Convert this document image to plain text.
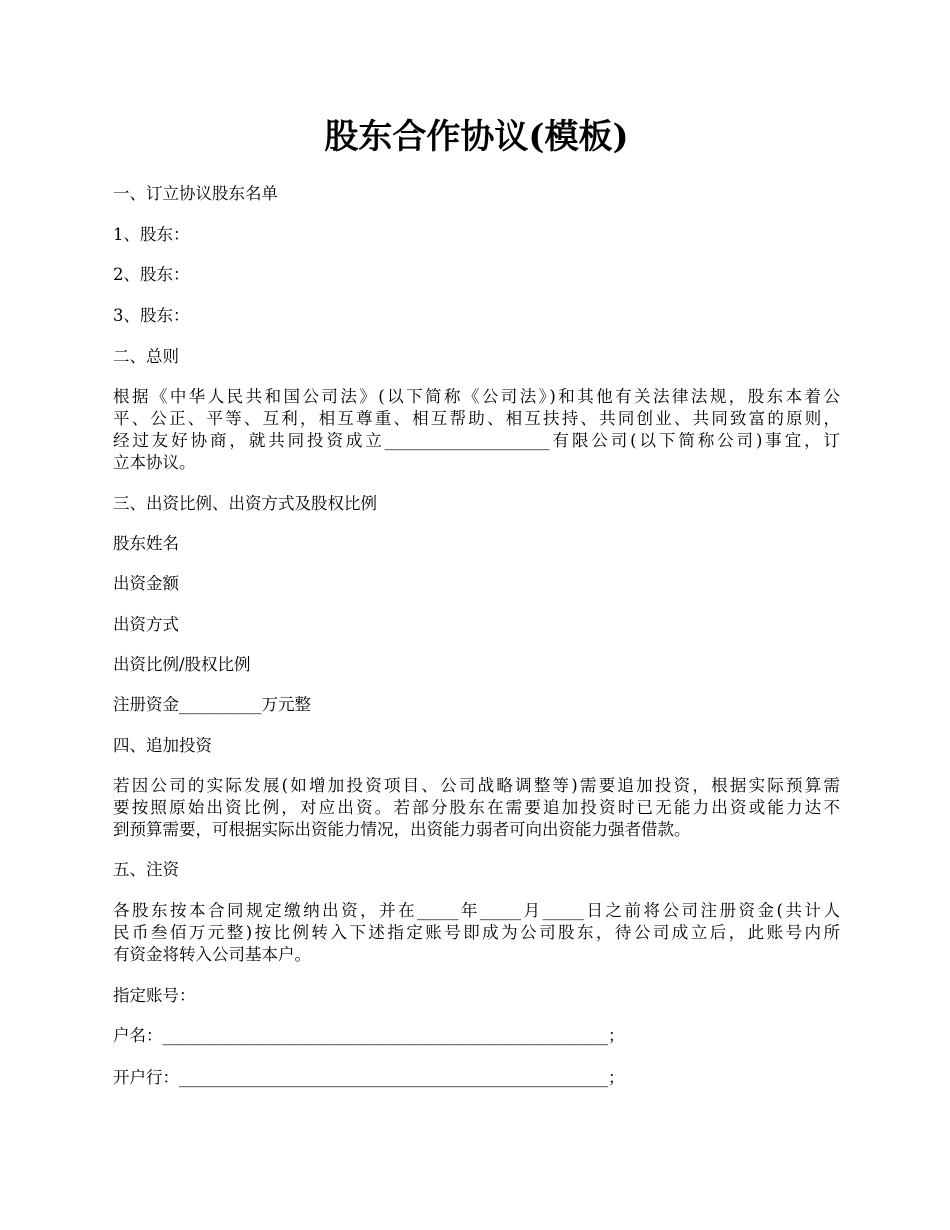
股东合作协议(模板)
一、订立协议股东名单
1、股东：
2、股东：
3、股东：
二、总则
根据《中华人民共和国公司法》(以下简称《公司法》)和其他有关法律法规，股东本着公
平、公正、平等、互利，相互尊重、相互帮助、相互扶持、共同创业、共同致富的原则，
经过友好协商，就共同投资成立____________________有限公司(以下简称公司)事宜，订
立本协议。
三、出资比例、出资方式及股权比例
股东姓名
出资金额
出资方式
出资比例/股权比例
注册资金__________万元整
四、追加投资
若因公司的实际发展(如增加投资项目、公司战略调整等)需要追加投资，根据实际预算需
要按照原始出资比例，对应出资。若部分股东在需要追加投资时已无能力出资或能力达不
到预算需要，可根据实际出资能力情况，出资能力弱者可向出资能力强者借款。
五、注资
各股东按本合同规定缴纳出资，并在_____年_____月_____日之前将公司注册资金(共计人
民币叁佰万元整)按比例转入下述指定账号即成为公司股东，待公司成立后，此账号内所
有资金将转入公司基本户。
指定账号：
户名：______________________________________________________；
开户行：____________________________________________________；
